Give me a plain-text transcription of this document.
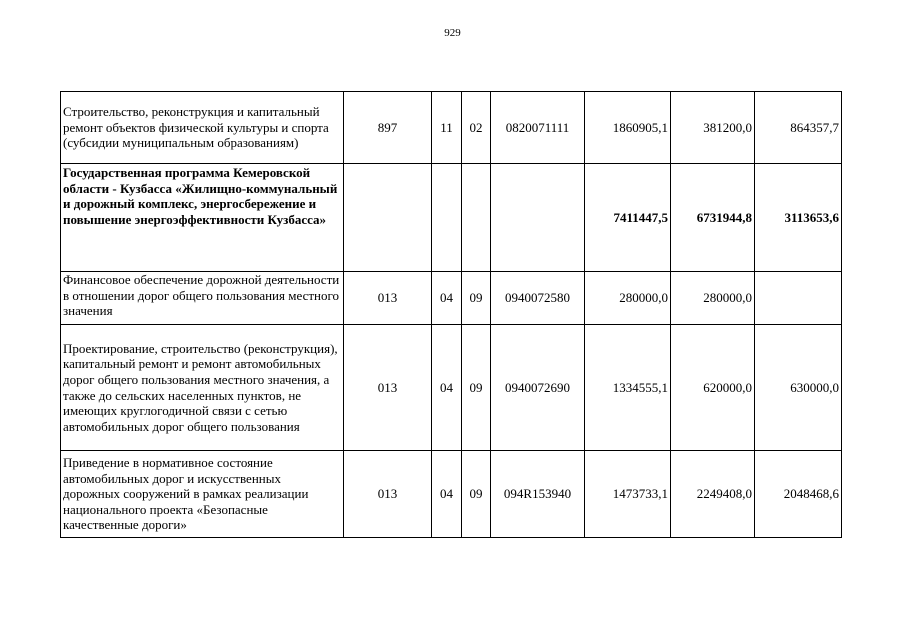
929
Строительство, реконструкция и капитальный ремонт объектов физической культуры и спорта (субсидии муниципальным образованиям)	897	11	02	0820071111	1860905,1	381200,0	864357,7
Государственная программа Кемеровской области - Кузбасса «Жилищно-коммунальный и дорожный комплекс, энергосбережение и повышение энергоэффективности Кузбасса»					7411447,5	6731944,8	3113653,6
Финансовое обеспечение дорожной деятельности в отношении дорог общего пользования местного значения	013	04	09	0940072580	280000,0	280000,0	
Проектирование, строительство (реконструкция), капитальный ремонт и ремонт автомобильных дорог общего пользования местного значения, а также до сельских населенных пунктов, не имеющих круглогодичной связи с сетью автомобильных дорог общего пользования	013	04	09	0940072690	1334555,1	620000,0	630000,0
Приведение в нормативное состояние автомобильных дорог и искусственных дорожных сооружений в рамках реализации национального проекта «Безопасные качественные дороги»	013	04	09	094R153940	1473733,1	2249408,0	2048468,6
